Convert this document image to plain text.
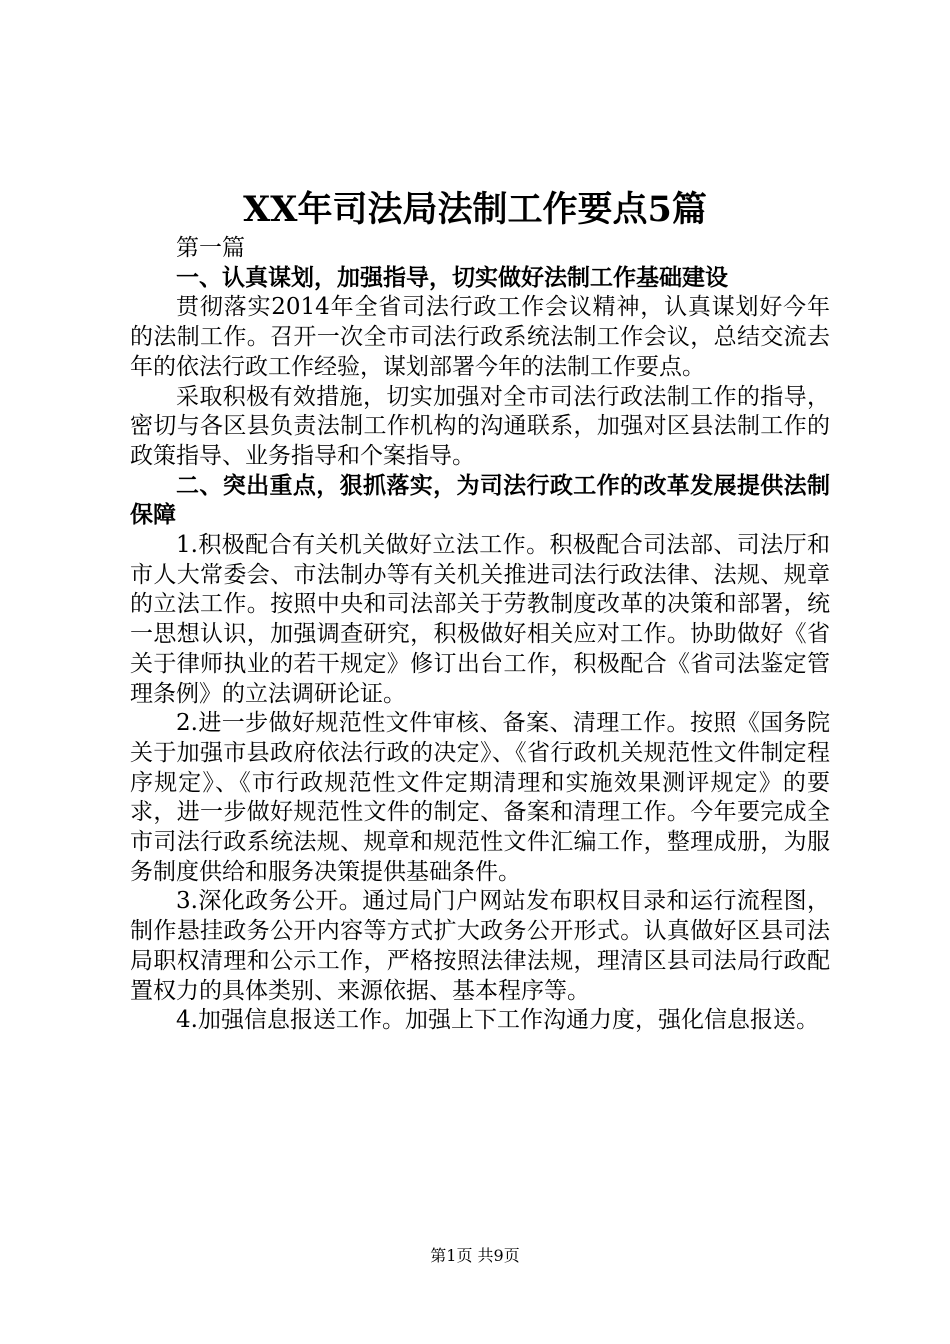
XX年司法局法制工作要点5篇

第一篇

一、认真谋划，加强指导，切实做好法制工作基础建设

贯彻落实2014年全省司法行政工作会议精神，认真谋划好今年的法制工作。召开一次全市司法行政系统法制工作会议，总结交流去年的依法行政工作经验，谋划部署今年的法制工作要点。

采取积极有效措施，切实加强对全市司法行政法制工作的指导，密切与各区县负责法制工作机构的沟通联系，加强对区县法制工作的政策指导、业务指导和个案指导。

二、突出重点，狠抓落实，为司法行政工作的改革发展提供法制保障

1.积极配合有关机关做好立法工作。积极配合司法部、司法厅和市人大常委会、市法制办等有关机关推进司法行政法律、法规、规章的立法工作。按照中央和司法部关于劳教制度改革的决策和部署，统一思想认识，加强调查研究，积极做好相关应对工作。协助做好《省关于律师执业的若干规定》修订出台工作，积极配合《省司法鉴定管理条例》的立法调研论证。

2.进一步做好规范性文件审核、备案、清理工作。按照《国务院关于加强市县政府依法行政的决定》、《省行政机关规范性文件制定程序规定》、《市行政规范性文件定期清理和实施效果测评规定》的要求，进一步做好规范性文件的制定、备案和清理工作。今年要完成全市司法行政系统法规、规章和规范性文件汇编工作，整理成册，为服务制度供给和服务决策提供基础条件。

3.深化政务公开。通过局门户网站发布职权目录和运行流程图，制作悬挂政务公开内容等方式扩大政务公开形式。认真做好区县司法局职权清理和公示工作，严格按照法律法规，理清区县司法局行政配置权力的具体类别、来源依据、基本程序等。

4.加强信息报送工作。加强上下工作沟通力度，强化信息报送。

第1页 共9页
